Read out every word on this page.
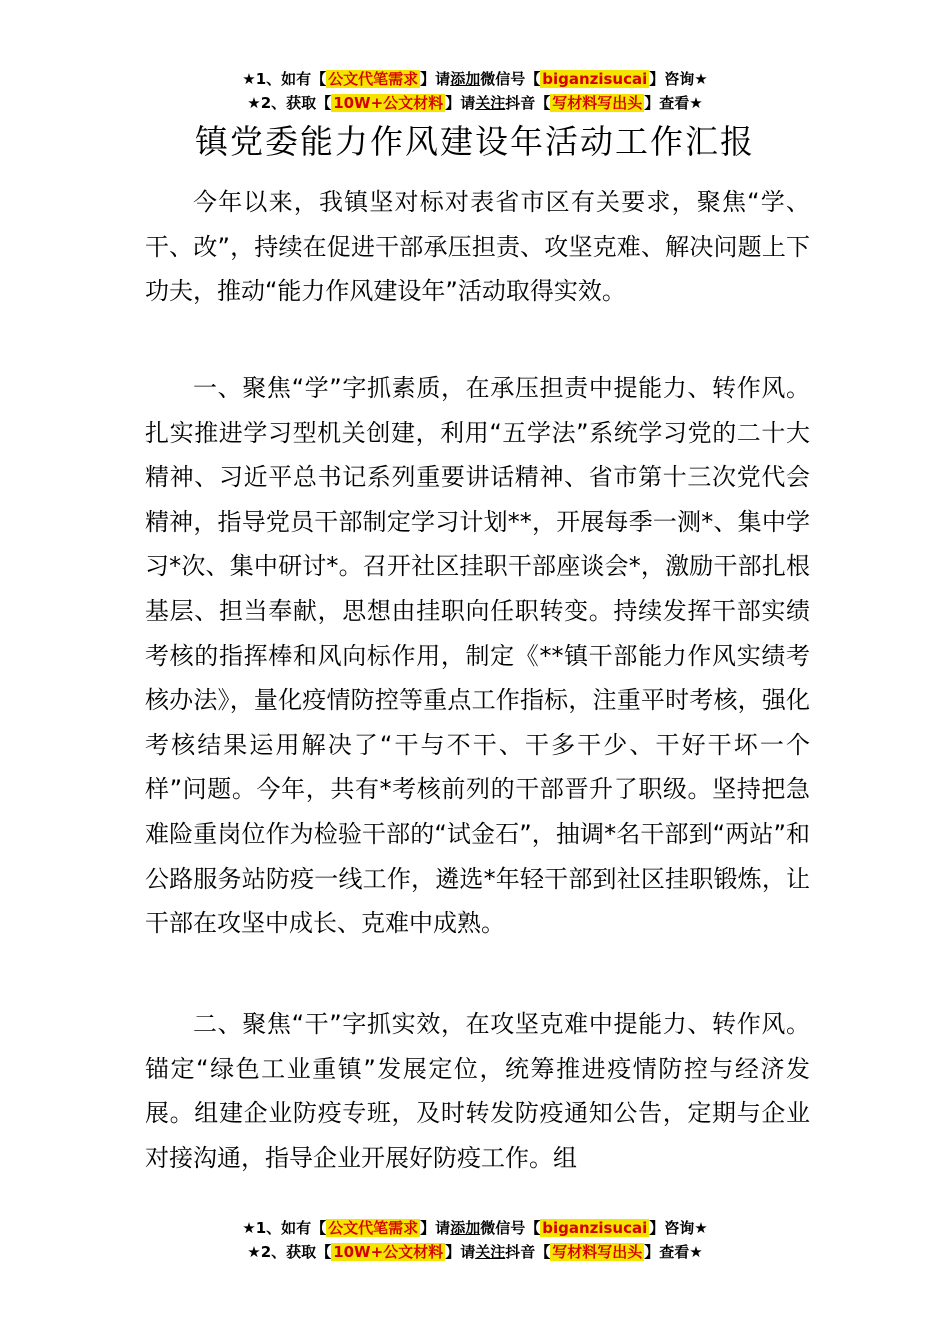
★1、如有【 公文代笔需求 】请添加微信号【 biganzisucai 】咨询★
★2、获取【 10W+公文材料 】请关注抖音【 写材料写出头 】查看★
镇党委能力作风建设年活动工作汇报

今年以来，我镇坚对标对表省市区有关要求，聚焦“学、干、改”，持续在促进干部承压担责、攻坚克难、解决问题上下功夫，推动“能力作风建设年”活动取得实效。

一、聚焦“学”字抓素质，在承压担责中提能力、转作风。扎实推进学习型机关创建，利用“五学法”系统学习党的二十大精神、习近平总书记系列重要讲话精神、省市第十三次党代会精神，指导党员干部制定学习计划**，开展每季一测*、集中学习*次、集中研讨*。召开社区挂职干部座谈会*，激励干部扎根基层、担当奉献，思想由挂职向任职转变。持续发挥干部实绩考核的指挥棒和风向标作用，制定《**镇干部能力作风实绩考核办法》，量化疫情防控等重点工作指标，注重平时考核，强化考核结果运用解决了“干与不干、干多干少、干好干坏一个样”问题。今年，共有*考核前列的干部晋升了职级。坚持把急难险重岗位作为检验干部的“试金石”，抽调*名干部到“两站”和公路服务站防疫一线工作，遴选*年轻干部到社区挂职锻炼，让干部在攻坚中成长、克难中成熟。

二、聚焦“干”字抓实效，在攻坚克难中提能力、转作风。锚定“绿色工业重镇”发展定位，统筹推进疫情防控与经济发展。组建企业防疫专班，及时转发防疫通知公告，定期与企业对接沟通，指导企业开展好防疫工作。组

★1、如有【 公文代笔需求 】请添加微信号【 biganzisucai 】咨询★
★2、获取【 10W+公文材料 】请关注抖音【 写材料写出头 】查看★
